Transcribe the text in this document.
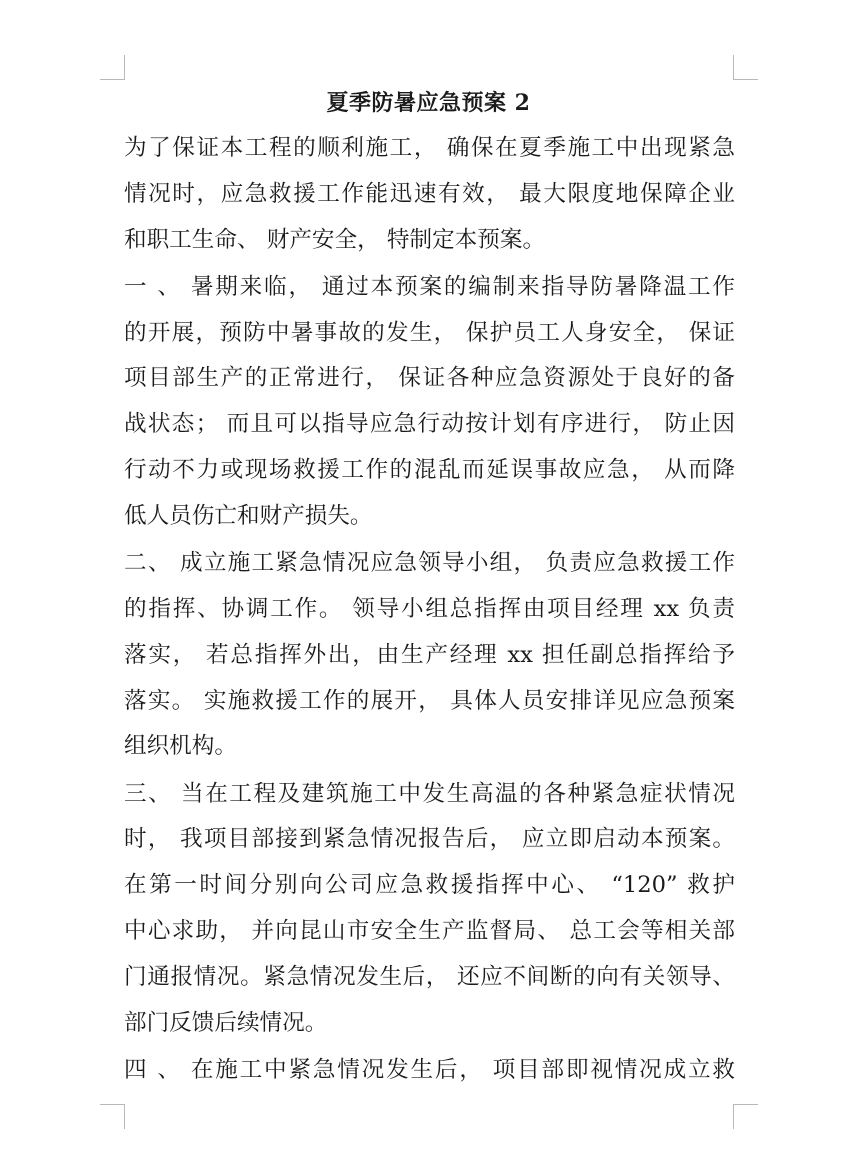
夏季防暑应急预案 2
为了保证本工程的顺利施工， 确保在夏季施工中出现紧急
情况时，应急救援工作能迅速有效， 最大限度地保障企业
和职工生命、 财产安全， 特制定本预案。
一 、 暑期来临， 通过本预案的编制来指导防暑降温工作
的开展，预防中暑事故的发生， 保护员工人身安全， 保证
项目部生产的正常进行， 保证各种应急资源处于良好的备
战状态； 而且可以指导应急行动按计划有序进行， 防止因
行动不力或现场救援工作的混乱而延误事故应急， 从而降
低人员伤亡和财产损失。
二、 成立施工紧急情况应急领导小组， 负责应急救援工作
的指挥、协调工作。 领导小组总指挥由项目经理 xx 负责
落实， 若总指挥外出，由生产经理 xx 担任副总指挥给予
落实。 实施救援工作的展开， 具体人员安排详见应急预案
组织机构。
三、 当在工程及建筑施工中发生高温的各种紧急症状情况
时， 我项目部接到紧急情况报告后， 应立即启动本预案。
在第一时间分别向公司应急救援指挥中心、 “120” 救护
中心求助， 并向昆山市安全生产监督局、 总工会等相关部
门通报情况。紧急情况发生后， 还应不间断的向有关领导、
部门反馈后续情况。
四 、 在施工中紧急情况发生后， 项目部即视情况成立救
